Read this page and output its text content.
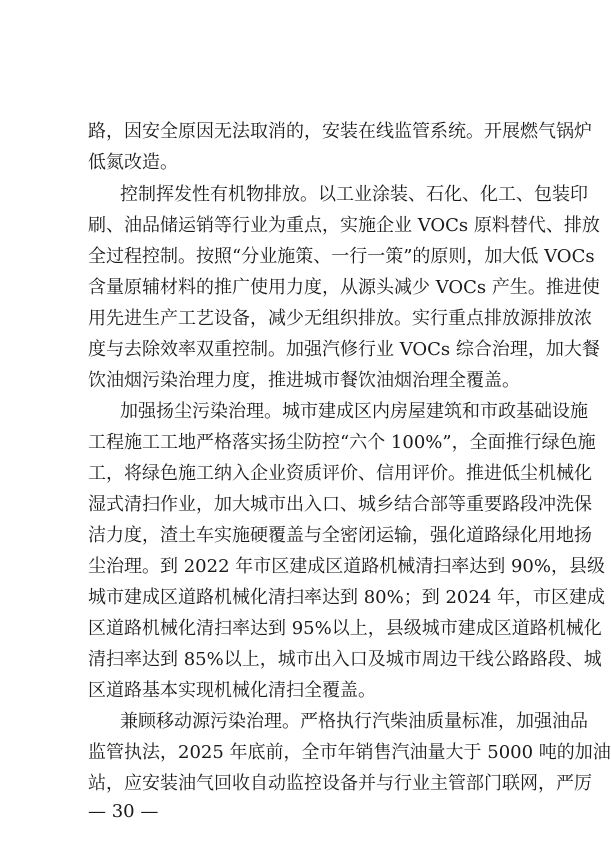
路，因安全原因无法取消的，安装在线监管系统。开展燃气锅炉
低氮改造。
控制挥发性有机物排放。以工业涂装、石化、化工、包装印
刷、油品储运销等行业为重点，实施企业 VOCs 原料替代、排放
全过程控制。按照“分业施策、一行一策”的原则，加大低 VOCs
含量原辅材料的推广使用力度，从源头减少 VOCs 产生。推进使
用先进生产工艺设备，减少无组织排放。实行重点排放源排放浓
度与去除效率双重控制。加强汽修行业 VOCs 综合治理，加大餐
饮油烟污染治理力度，推进城市餐饮油烟治理全覆盖。
加强扬尘污染治理。城市建成区内房屋建筑和市政基础设施
工程施工工地严格落实扬尘防控“六个 100%”，全面推行绿色施
工，将绿色施工纳入企业资质评价、信用评价。推进低尘机械化
湿式清扫作业，加大城市出入口、城乡结合部等重要路段冲洗保
洁力度，渣土车实施硬覆盖与全密闭运输，强化道路绿化用地扬
尘治理。到 2022 年市区建成区道路机械清扫率达到 90%，县级
城市建成区道路机械化清扫率达到 80%；到 2024 年，市区建成
区道路机械化清扫率达到 95%以上，县级城市建成区道路机械化
清扫率达到 85%以上，城市出入口及城市周边干线公路路段、城
区道路基本实现机械化清扫全覆盖。
兼顾移动源污染治理。严格执行汽柴油质量标准，加强油品
监管执法，2025 年底前，全市年销售汽油量大于 5000 吨的加油
站，应安装油气回收自动监控设备并与行业主管部门联网，严厉
— 30 —
